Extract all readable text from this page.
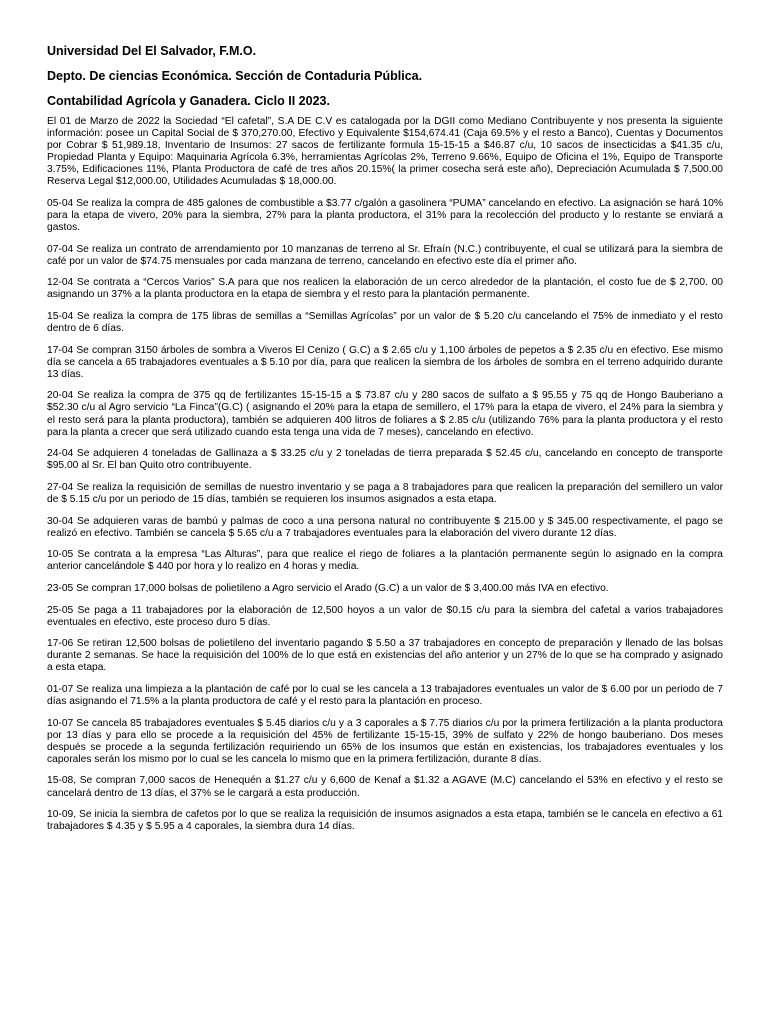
Universidad Del El Salvador, F.M.O.
Depto. De ciencias Económica. Sección de Contaduria Pública.
Contabilidad Agrícola y Ganadera. Ciclo II 2023.

El 01 de Marzo de 2022 la Sociedad “El cafetal”, S.A DE C.V es catalogada por la DGII como Mediano Contribuyente y nos presenta la siguiente información: posee un Capital Social de $ 370,270.00, Efectivo y Equivalente $154,674.41 (Caja 69.5% y el resto a Banco), Cuentas y Documentos por Cobrar $ 51,989.18, Inventario de Insumos: 27 sacos de fertilizante formula 15-15-15 a $46.87 c/u, 10 sacos de insecticidas a $41.35 c/u, Propiedad Planta y Equipo: Maquinaria Agrícola 6.3%, herramientas Agrícolas 2%, Terreno 9.66%, Equipo de Oficina el 1%, Equipo de Transporte 3.75%, Edificaciones 11%, Planta Productora de café de tres años 20.15%( la primer cosecha será este año), Depreciación Acumulada $ 7,500.00 Reserva Legal $12,000.00, Utilidades Acumuladas $ 18,000.00.

05-04 Se realiza la compra de 485 galones de combustible a $3.77 c/galón a gasolinera “PUMA” cancelando en efectivo. La asignación se hará 10% para la etapa de vivero, 20% para la siembra, 27% para la planta productora, el 31% para la recolección del producto y lo restante se enviará a gastos.

07-04 Se realiza un contrato de arrendamiento por 10 manzanas de terreno al Sr. Efraín (N.C.) contribuyente, el cual se utilizará para la siembra de café por un valor de $74.75 mensuales por cada manzana de terreno, cancelando en efectivo este día el primer año.

12-04 Se contrata a “Cercos Varios” S.A para que nos realicen la elaboración de un cerco alrededor de la plantación, el costo fue de $ 2,700. 00 asignando un 37% a la planta productora en la etapa de siembra y el resto para la plantación permanente.

15-04 Se realiza la compra de 175 libras de semillas a “Semillas Agrícolas” por un valor de $ 5.20 c/u cancelando el 75% de inmediato y el resto dentro de 6 días.

17-04 Se compran 3150 árboles de sombra a Viveros El Cenizo ( G.C) a $ 2.65 c/u y 1,100 árboles de pepetos a $ 2.35 c/u en efectivo. Ese mismo día se cancela a 65 trabajadores eventuales a $ 5.10 por día, para que realicen la siembra de los árboles de sombra en el terreno adquirido durante 13 días.

20-04 Se realiza la compra de 375 qq de fertilizantes 15-15-15 a $ 73.87 c/u y 280 sacos de sulfato a $ 95.55 y 75 qq de Hongo Bauberiano a $52.30 c/u al Agro servicio “La Finca”(G.C) ( asignando el 20% para la etapa de semillero, el 17% para la etapa de vivero, el 24% para la siembra y el resto será para la planta productora), también se adquieren 400 litros de foliares a $ 2.85 c/u (utilizando 76% para la planta productora y el resto para la planta a crecer que será utilizado cuando esta tenga una vida de 7 meses), cancelando en efectivo.

24-04 Se adquieren 4 toneladas de Gallinaza a $ 33.25 c/u y 2 toneladas de tierra preparada $ 52.45 c/u, cancelando en concepto de transporte $95.00 al Sr. El ban Quito otro contribuyente.

27-04 Se realiza la requisición de semillas de nuestro inventario y se paga a 8 trabajadores para que realicen la preparación del semillero un valor de $ 5.15 c/u por un periodo de 15 días, también se requieren los insumos asignados a esta etapa.

30-04 Se adquieren varas de bambú y palmas de coco a una persona natural no contribuyente $ 215.00 y $ 345.00 respectivamente, el pago se realizó en efectivo. También se cancela $ 5.65 c/u a 7 trabajadores eventuales para la elaboración del vivero durante 12 días.

10-05 Se contrata a la empresa “Las Alturas”, para que realice el riego de foliares a la plantación permanente según lo asignado en la compra anterior cancelándole $ 440 por hora y lo realizo en 4 horas y media.

23-05 Se compran 17,000 bolsas de polietileno a Agro servicio el Arado (G.C) a un valor de $ 3,400.00 más IVA en efectivo.

25-05 Se paga a 11 trabajadores por la elaboración de 12,500 hoyos a un valor de $0.15 c/u para la siembra del cafetal a varios trabajadores eventuales en efectivo, este proceso duro 5 días.

17-06 Se retiran 12,500 bolsas de polietileno del inventario pagando $ 5.50 a 37 trabajadores en concepto de preparación y llenado de las bolsas durante 2 semanas. Se hace la requisición del 100% de lo que está en existencias del año anterior y un 27% de lo que se ha comprado y asignado a esta etapa.

01-07 Se realiza una limpieza a la plantación de café por lo cual se les cancela a 13 trabajadores eventuales un valor de $ 6.00 por un periodo de 7 días asignando el 71.5% a la planta productora de café y el resto para la plantación en proceso.

10-07 Se cancela 85 trabajadores eventuales $ 5.45 diarios c/u y a 3 caporales a $ 7.75 diarios c/u por la primera fertilización a la planta productora por 13 días y para ello se procede a la requisición del 45% de fertilizante 15-15-15, 39% de sulfato y 22% de hongo bauberiano. Dos meses después se procede a la segunda fertilización requiriendo un 65% de los insumos que están en existencias, los trabajadores eventuales y los caporales serán los mismo por lo cual se les cancela lo mismo que en la primera fertilización, durante 8 días.

15-08, Se compran 7,000 sacos de Henequén a $1.27 c/u y 6,600 de Kenaf a $1.32 a AGAVE (M.C) cancelando el 53% en efectivo y el resto se cancelará dentro de 13 días, el 37% se le cargará a esta producción.

10-09, Se inicia la siembra de cafetos por lo que se realiza la requisición de insumos asignados a esta etapa, también se le cancela en efectivo a 61 trabajadores $ 4.35 y $ 5.95 a 4 caporales, la siembra dura 14 días.
